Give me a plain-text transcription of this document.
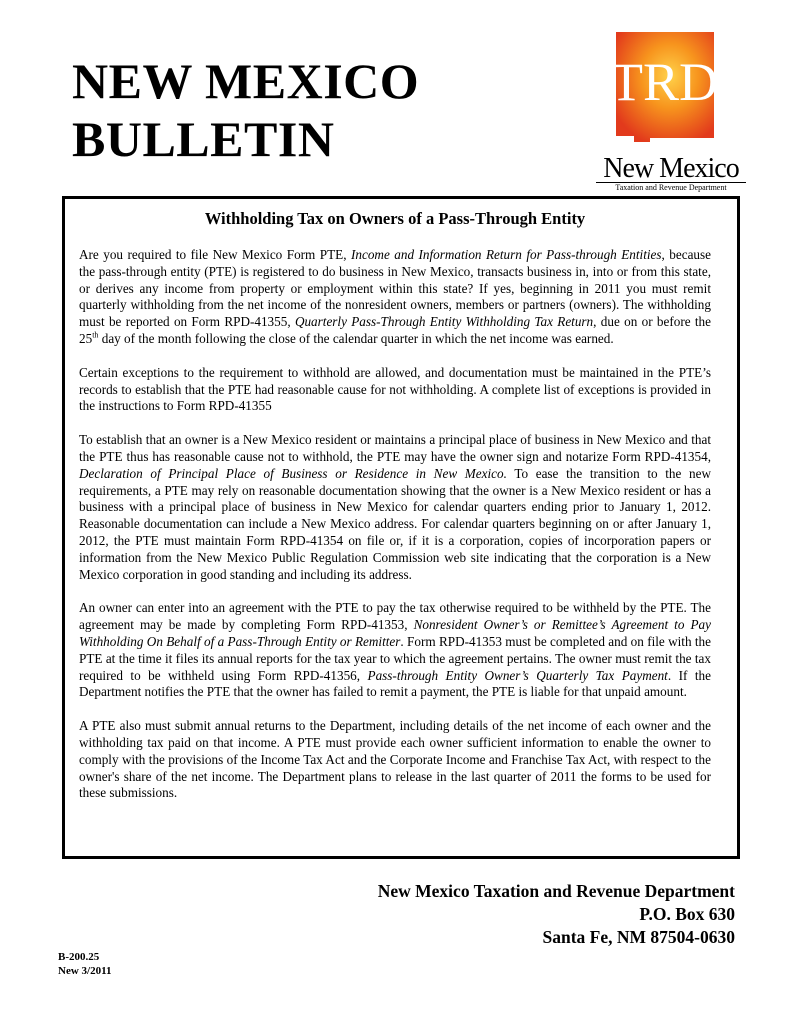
NEW MEXICO
BULLETIN
TRD
New Mexico
Taxation and Revenue Department
Withholding Tax on Owners of a Pass-Through Entity

Are you required to file New Mexico Form PTE, Income and Information Return for Pass-through Entities, because the pass-through entity (PTE) is registered to do business in New Mexico, transacts business in, into or from this state, or derives any income from property or employment within this state? If yes, beginning in 2011 you must remit quarterly withholding from the net income of the nonresident owners, members or partners (owners). The withholding must be reported on Form RPD-41355, Quarterly Pass-Through Entity Withholding Tax Return, due on or before the 25th day of the month following the close of the calendar quarter in which the net income was earned.

Certain exceptions to the requirement to withhold are allowed, and documentation must be maintained in the PTE’s records to establish that the PTE had reasonable cause for not withholding. A complete list of exceptions is provided in the instructions to Form RPD-41355

To establish that an owner is a New Mexico resident or maintains a principal place of business in New Mexico and that the PTE thus has reasonable cause not to withhold, the PTE may have the owner sign and notarize Form RPD-41354, Declaration of Principal Place of Business or Residence in New Mexico. To ease the transition to the new requirements, a PTE may rely on reasonable documentation showing that the owner is a New Mexico resident or has a business with a principal place of business in New Mexico for calendar quarters ending prior to January 1, 2012. Reasonable documentation can include a New Mexico address. For calendar quarters beginning on or after January 1, 2012, the PTE must maintain Form RPD-41354 on file or, if it is a corporation, copies of incorporation papers or information from the New Mexico Public Regulation Commission web site indicating that the corporation is a New Mexico corporation in good standing and including its address.

An owner can enter into an agreement with the PTE to pay the tax otherwise required to be withheld by the PTE. The agreement may be made by completing Form RPD-41353, Nonresident Owner’s or Remittee’s Agreement to Pay Withholding On Behalf of a Pass-Through Entity or Remitter. Form RPD-41353 must be completed and on file with the PTE at the time it files its annual reports for the tax year to which the agreement pertains. The owner must remit the tax required to be withheld using Form RPD-41356, Pass-through Entity Owner’s Quarterly Tax Payment. If the Department notifies the PTE that the owner has failed to remit a payment, the PTE is liable for that unpaid amount.

A PTE also must submit annual returns to the Department, including details of the net income of each owner and the withholding tax paid on that income. A PTE must provide each owner sufficient information to enable the owner to comply with the provisions of the Income Tax Act and the Corporate Income and Franchise Tax Act, with respect to the owner's share of the net income. The Department plans to release in the last quarter of 2011 the forms to be used for these submissions.

New Mexico Taxation and Revenue Department
P.O. Box 630
Santa Fe, NM 87504-0630
B-200.25
New 3/2011
